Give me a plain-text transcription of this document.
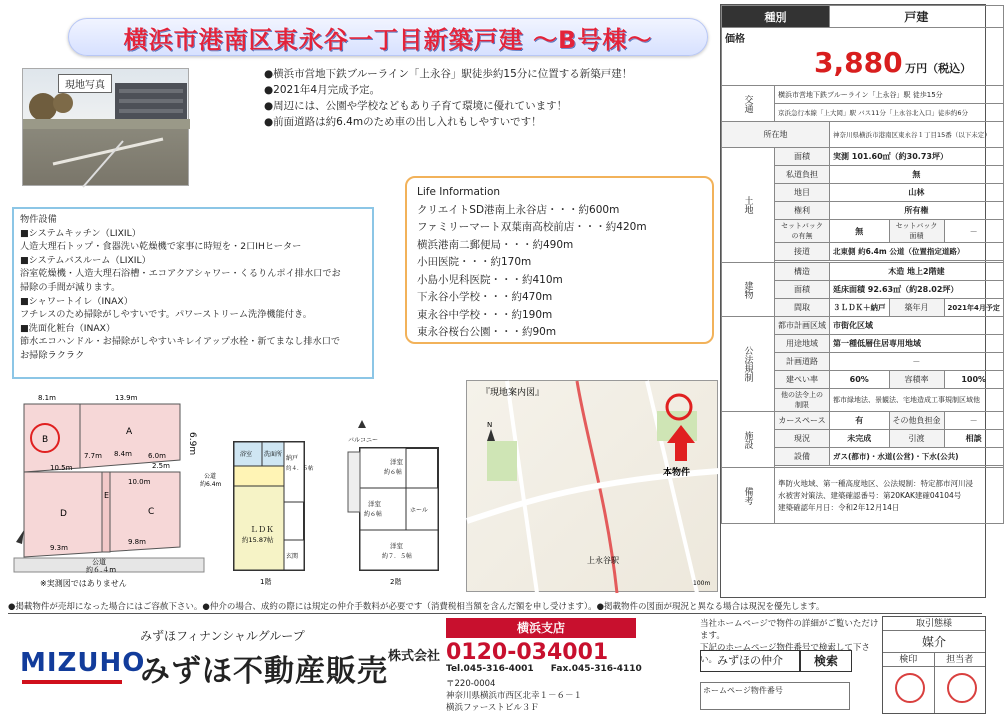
横浜市港南区東永谷一丁目新築戸建 ～B号棟～
現地写真
●横浜市営地下鉄ブルーライン「上永谷」駅徒歩約15分に位置する新築戸建！
●2021年4月完成予定。
●周辺には、公園や学校などもあり子育て環境に優れています！
●前面道路は約6.4mのため車の出し入れもしやすいです！
物件設備
■システムキッチン（LIXIL）
人造大理石トップ・食器洗い乾燥機で家事に時短を・2口IHヒーター
■システムバスルーム（LIXIL）
浴室乾燥機・人造大理石浴槽・エコアクアシャワー・くるりんポイ排水口でお
掃除の手間が減ります。
■シャワートイレ（INAX）
フチレスのため掃除がしやすいです。パワーストリーム洗浄機能付き。
■洗面化粧台（INAX）
節水エコハンドル・お掃除がしやすいキレイアップ水栓・新てまなし排水口で
お掃除ラクラク
Life Information
クリエイトSD港南上永谷店・・・約600m
ファミリーマート双葉南高校前店・・・約420m
横浜港南二郵便局・・・約490m
小田医院・・・約170m
小島小児科医院・・・約410m
下永谷小学校・・・約470m
東永谷中学校・・・約190m
東永谷桜台公園・・・約90m
種別		戸建		

価格
3,880 万円（税込）				

交通	横浜市営地下鉄ブルーライン「上永谷」駅 徒歩15分			
	京浜急行本線「上大岡」駅 バス11分「上永谷北入口」徒歩約6分			
所在地		神奈川県横浜市港南区東永谷１丁目15番（以下未定）		
土地	面積	実測 101.60㎡（約30.73坪）		
	私道負担	無		
	地目	山林		
	権利	所有権		
	セットバックの有無	無	セットバック面積	－
	接道	北東側 約6.4m 公道（位置指定道路）		

建物	構造	木造 地上2階建		
	面積	延床面積 92.63㎡（約28.02坪）		
	間取	３ＬＤＫ＋納戸	築年月	2021年4月予定
公法規制	都市計画区域	市街化区域		
	用途地域	第一種低層住居専用地域		
	計画道路	－		
	建ぺい率	60%	容積率	100%
	他の法令上の制限	都市緑地法、景観法、宅地造成工事規制区域他		
施設	カースペース	有	その他負担金	－
	現況	未完成	引渡	相談
	設備	ガス(都市)・水道(公営)・下水(公共)		

備考	準防火地域、第一種高度地区、公法規制：特定都市河川浸
水被害対策法、建築確認番号：第20KAK建確04104号
建築確認年月日：令和2年12月14日			
B
A
C
D
E
8.1m	13.9m
6.9m
10.5m
10.0m
9.3m
9.8m
2.5m
8.4m
7.7m	6.0m
公道
約６.４m
※実測図ではありません
浴室 洗面所
納戸
約４．５帖
ＬＤＫ
約15.87帖
玄関
1階
公道
約6.4m
洋室
約６帖
洋室
約６帖
洋室
約７．５帖
ホール
バルコニー
2階
本物件
『現地案内図』
上永谷駅
100m
N
●掲載物件が売却になった場合にはご容赦下さい。●仲介の場合、成約の際には規定の仲介手数料が必要です（消費税相当額を含んだ額を申し受けます）。●掲載物件の図面が現況と異なる場合は現況を優先します。
みずほフィナンシャルグループ
MIZUHO
みずほ不動産販売 株式会社
横浜支店
0120-034001
Tel.045-316-4001 Fax.045-316-4110
〒220-0004
神奈川県横浜市西区北幸１－６－１
横浜ファーストビル３Ｆ
当社ホームページで物件の詳細がご覧いただけます。
下記のホームページ物件番号で検索して下さい。 みずほの仲介	検索
ホームページ物件番号
取引態様
媒介
検印	担当者
